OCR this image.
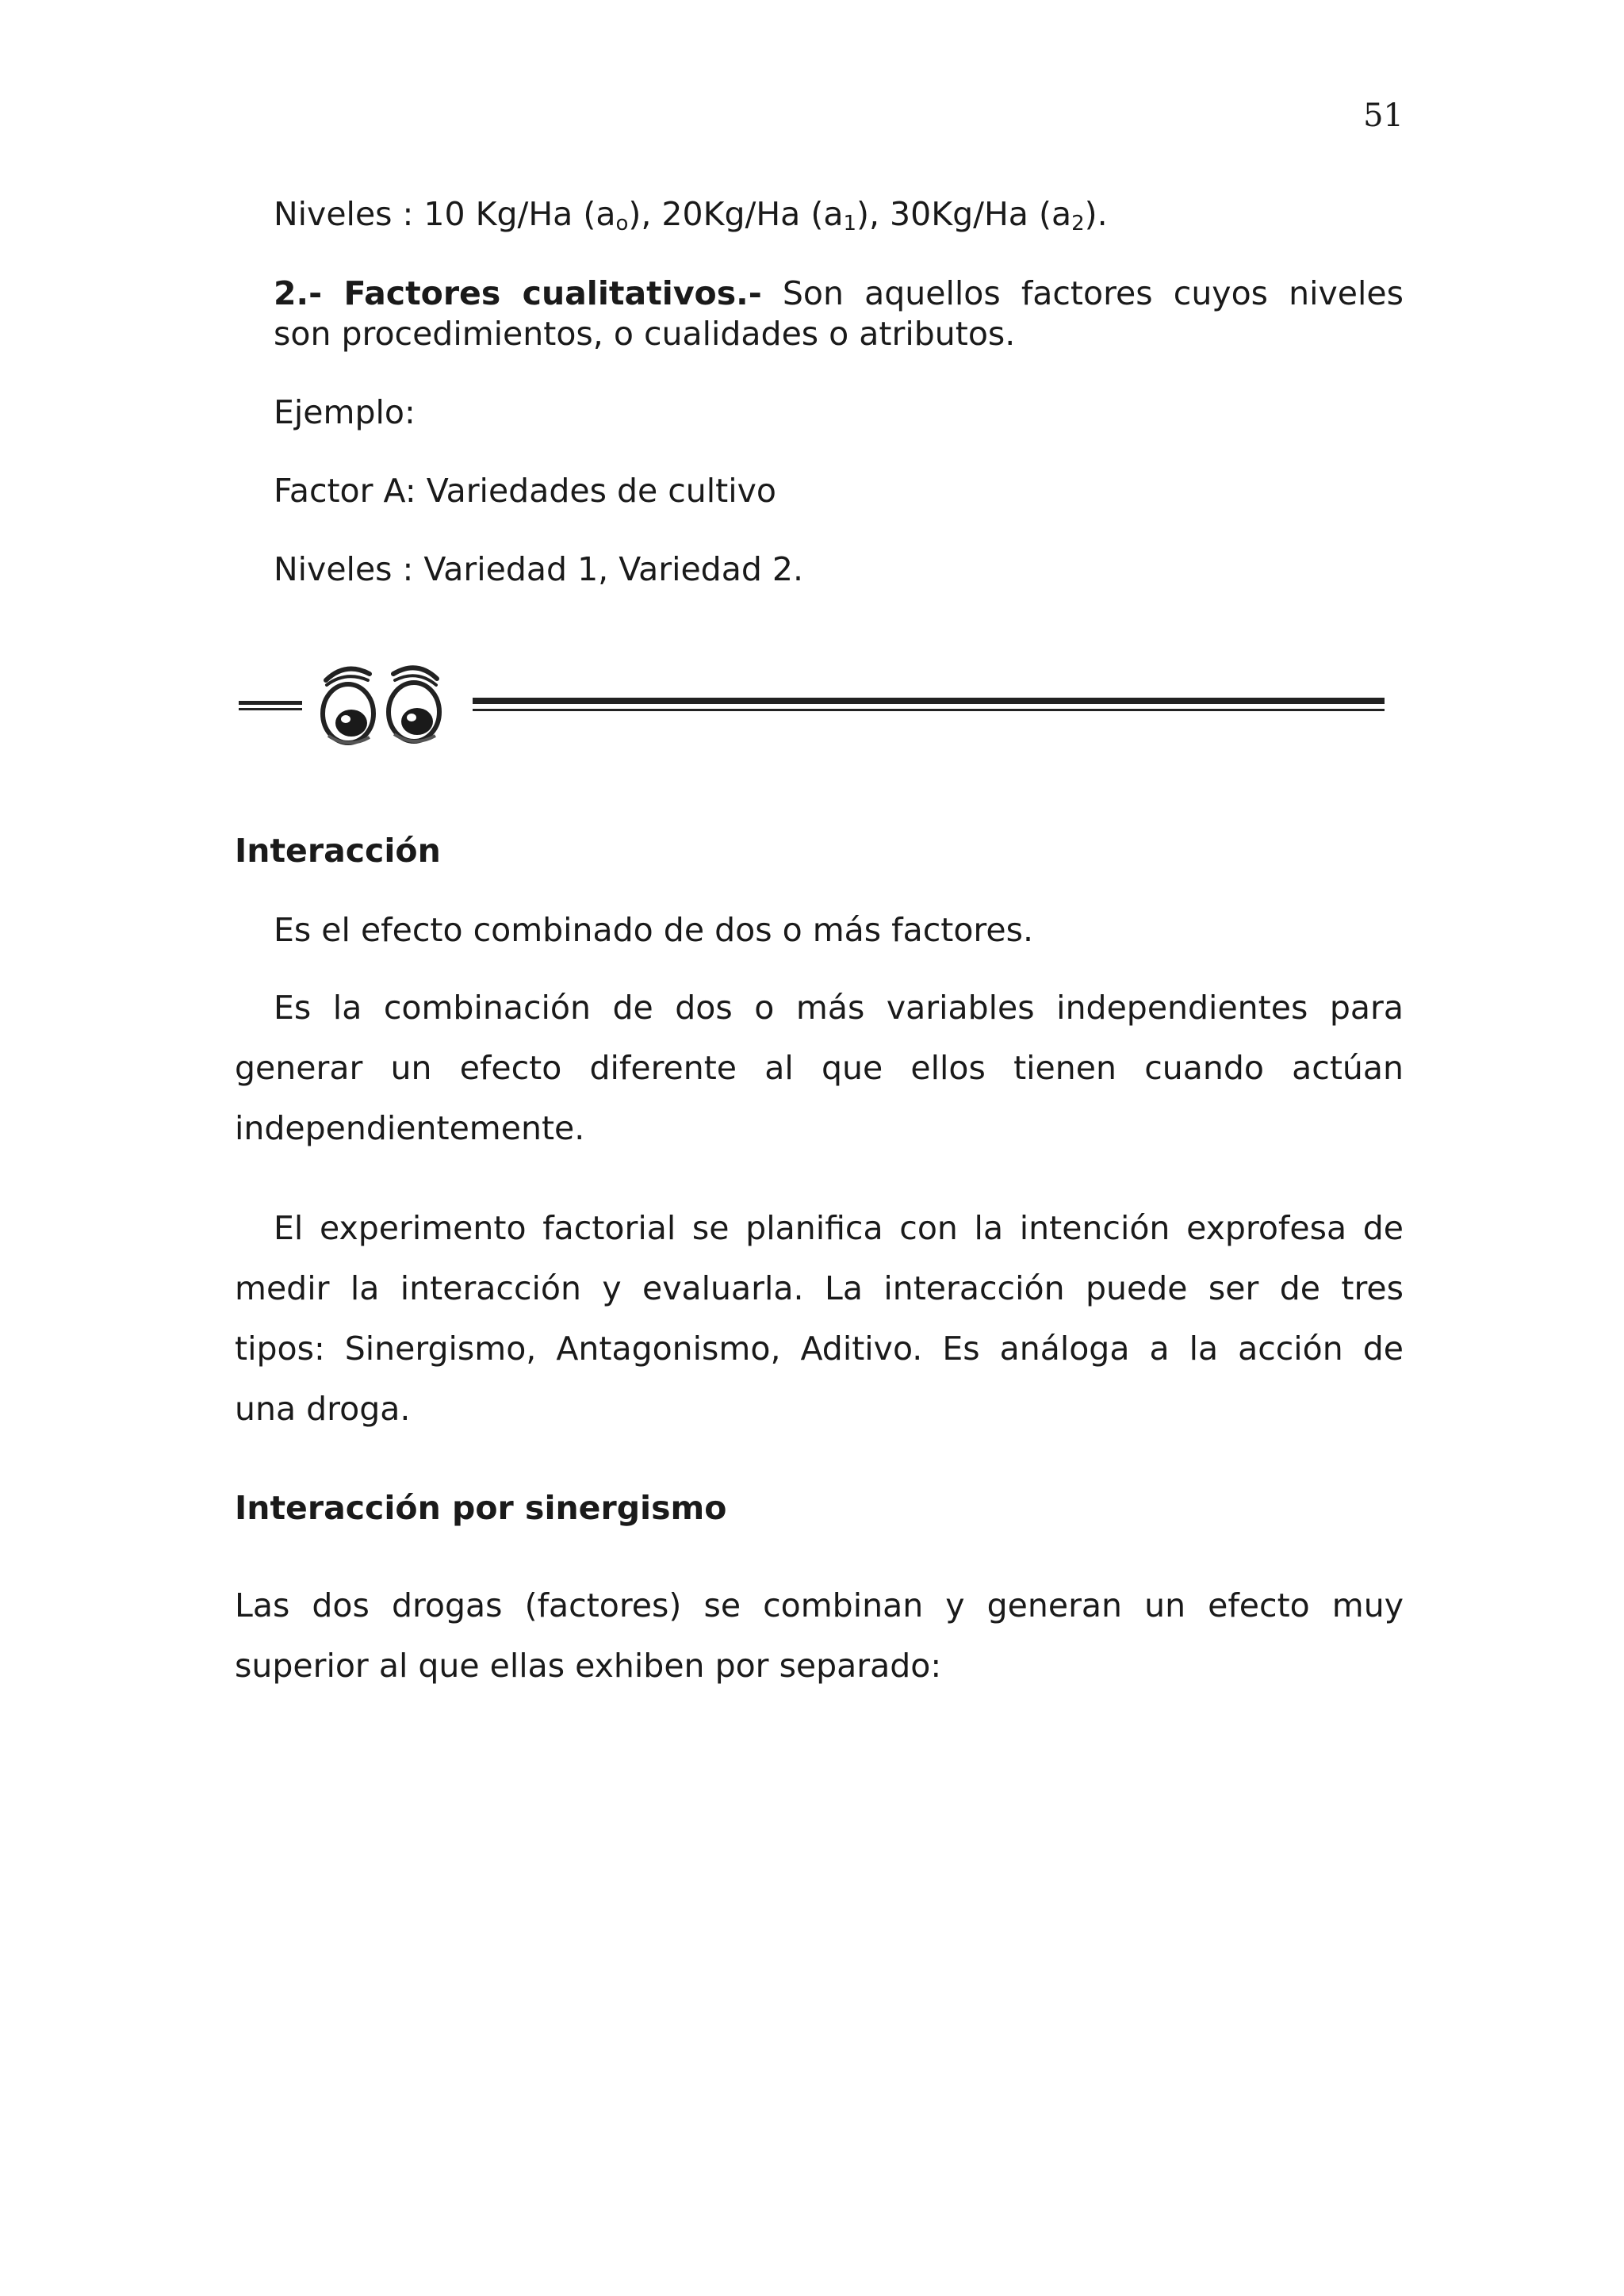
51
Niveles : 10 Kg/Ha $(a_o)$, 20Kg/Ha $(a_1)$, 30Kg/Ha $(a_2)$.
2.- Factores cualitativos.- Son aquellos factores cuyos niveles
son procedimientos, o cualidades o atributos.
Ejemplo:
Factor A: Variedades de cultivo
Niveles : Variedad 1, Variedad 2.
Interacción
Es el efecto combinado de dos o más factores.
Es la combinación de dos o más variables independientes para
generar un efecto diferente al que ellos tienen cuando actúan
independientemente.
El experimento factorial se planifica con la intención exprofesa de
medir la interacción y evaluarla. La interacción puede ser de tres
tipos: Sinergismo, Antagonismo, Aditivo. Es análoga a la acción de
una droga.
Interacción por sinergismo
Las dos drogas (factores) se combinan y generan un efecto muy
superior al que ellas exhiben por separado:
